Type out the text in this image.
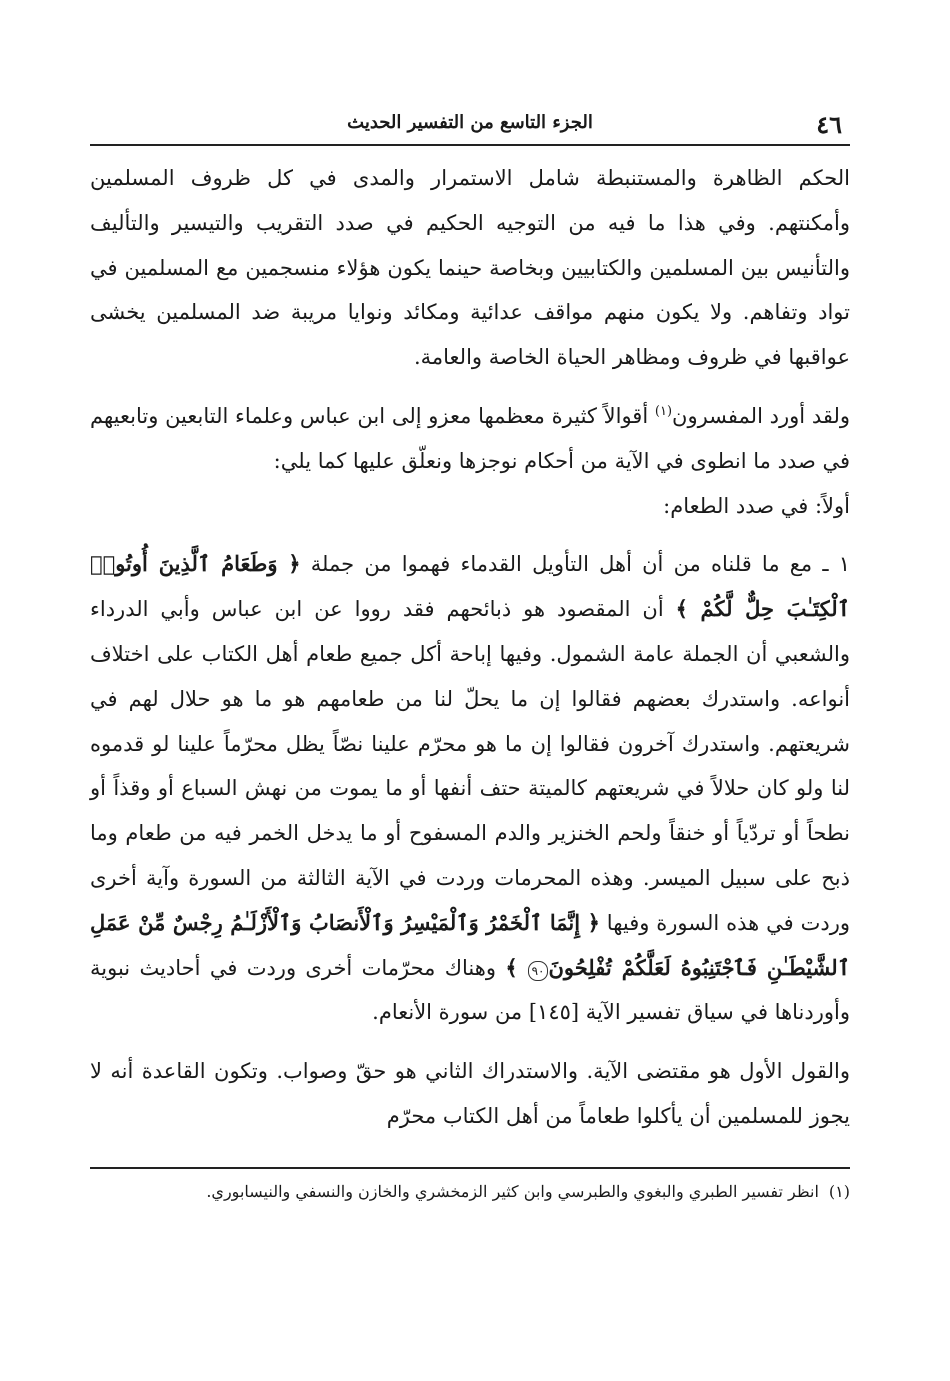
٤٦
الجزء التاسع من التفسير الحديث

الحكم الظاهرة والمستنبطة شامل الاستمرار والمدى في كل ظروف المسلمين وأمكنتهم. وفي هذا ما فيه من التوجيه الحكيم في صدد التقريب والتيسير والتأليف والتأنيس بين المسلمين والكتابيين وبخاصة حينما يكون هؤلاء منسجمين مع المسلمين في تواد وتفاهم. ولا يكون منهم مواقف عدائية ومكائد ونوايا مريبة ضد المسلمين يخشى عواقبها في ظروف ومظاهر الحياة الخاصة والعامة.

ولقد أورد المفسرون$^{(١)}$ أقوالاً كثيرة معظمها معزو إلى ابن عباس وعلماء التابعين وتابعيهم في صدد ما انطوى في الآية من أحكام نوجزها ونعلّق عليها كما يلي:

أولاً: في صدد الطعام:

١ ـ مع ما قلناه من أن أهل التأويل القدماء فهموا من جملة ﴿ وَطَعَامُ ٱلَّذِينَ أُوتُوا۟ ٱلْكِتَـٰبَ حِلٌّ لَّكُمْ ﴾ أن المقصود هو ذبائحهم فقد رووا عن ابن عباس وأبي الدرداء والشعبي أن الجملة عامة الشمول. وفيها إباحة أكل جميع طعام أهل الكتاب على اختلاف أنواعه. واستدرك بعضهم فقالوا إن ما يحلّ لنا من طعامهم هو ما هو حلال لهم في شريعتهم. واستدرك آخرون فقالوا إن ما هو محرّم علينا نصّاً يظل محرّماً علينا لو قدموه لنا ولو كان حلالاً في شريعتهم كالميتة حتف أنفها أو ما يموت من نهش السباع أو وقذاً أو نطحاً أو تردّياً أو خنقاً ولحم الخنزير والدم المسفوح أو ما يدخل الخمر فيه من طعام وما ذبح على سبيل الميسر. وهذه المحرمات وردت في الآية الثالثة من السورة وآية أخرى وردت في هذه السورة وفيها ﴿ إِنَّمَا ٱلْخَمْرُ وَٱلْمَيْسِرُ وَٱلْأَنصَابُ وَٱلْأَزْلَـٰمُ رِجْسٌ مِّنْ عَمَلِ ٱلشَّيْطَـٰنِ فَٱجْتَنِبُوهُ لَعَلَّكُمْ تُفْلِحُونَ٩٠ ﴾ وهناك محرّمات أخرى وردت في أحاديث نبوية وأوردناها في سياق تفسير الآية [١٤٥] من سورة الأنعام.

والقول الأول هو مقتضى الآية. والاستدراك الثاني هو حقّ وصواب. وتكون القاعدة أنه لا يجوز للمسلمين أن يأكلوا طعاماً من أهل الكتاب محرّم

(١)انظر تفسير الطبري والبغوي والطبرسي وابن كثير الزمخشري والخازن والنسفي والنيسابوري.
